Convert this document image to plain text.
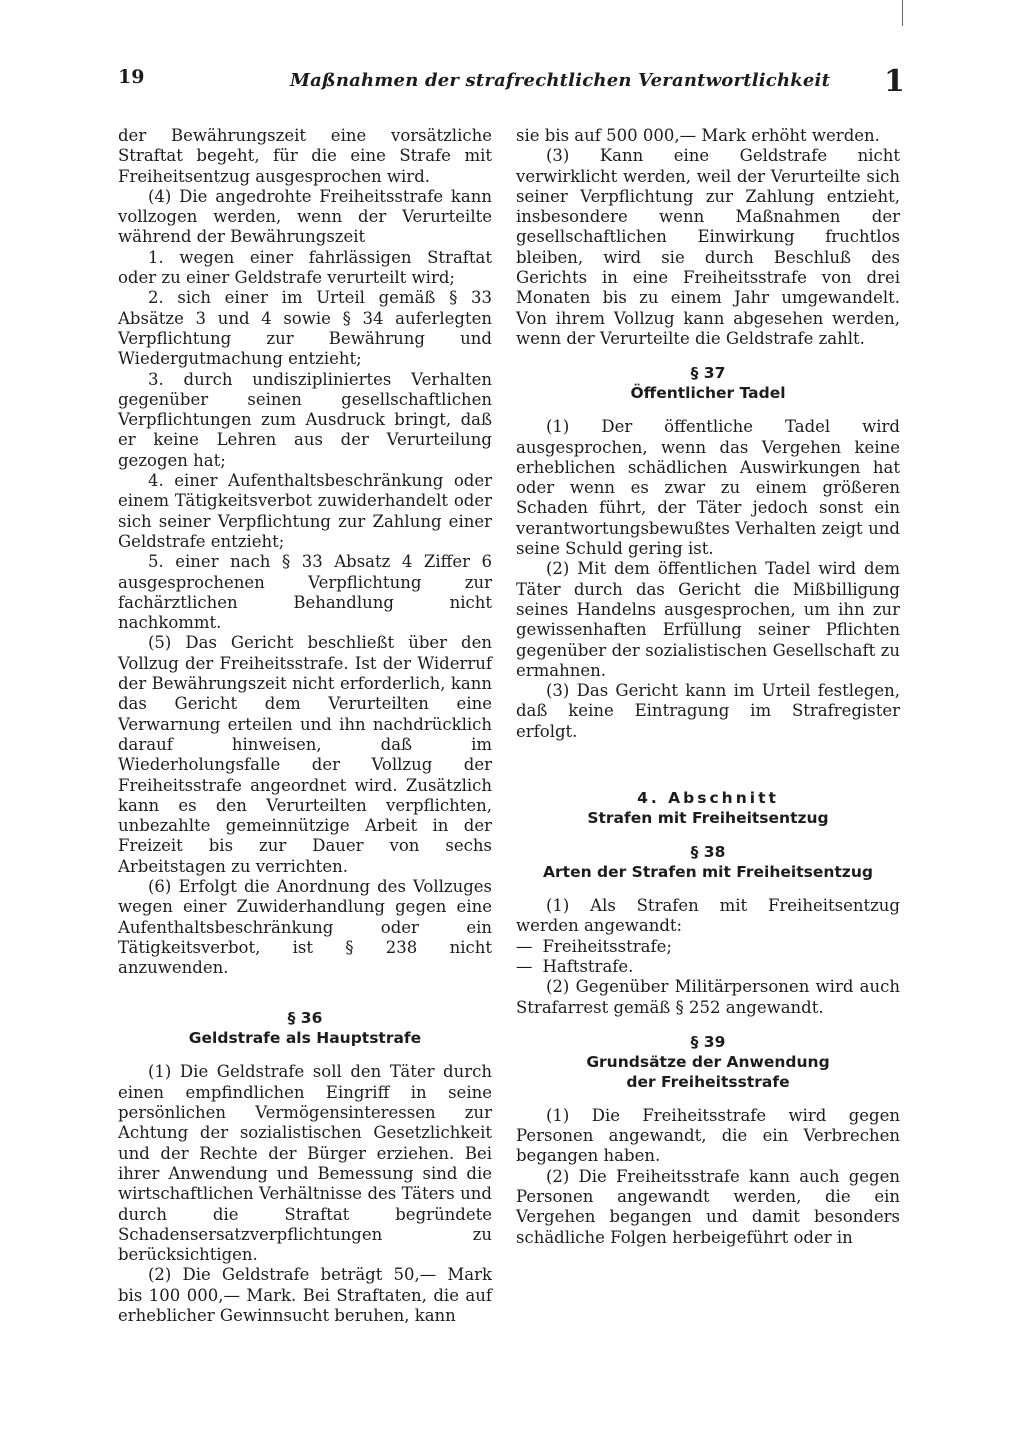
19	Maßnahmen der strafrechtlichen Verantwortlichkeit 1

der Bewährungszeit eine vorsätzliche Straftat begeht, für die eine Strafe mit Freiheitsentzug ausgesprochen wird.

(4) Die angedrohte Freiheitsstrafe kann vollzogen werden, wenn der Verurteilte während der Bewährungszeit

1. wegen einer fahrlässigen Straftat oder zu einer Geldstrafe verurteilt wird;

2. sich einer im Urteil gemäß § 33 Absätze 3 und 4 sowie § 34 auferlegten Verpflichtung zur Bewährung und Wiedergutmachung entzieht;

3. durch undiszipliniertes Verhalten gegenüber seinen gesellschaftlichen Verpflichtungen zum Ausdruck bringt, daß er keine Lehren aus der Verurteilung gezogen hat;

4. einer Aufenthaltsbeschränkung oder einem Tätigkeitsverbot zuwiderhandelt oder sich seiner Verpflichtung zur Zahlung einer Geldstrafe entzieht;

5. einer nach § 33 Absatz 4 Ziffer 6 ausgesprochenen Verpflichtung zur fachärztlichen Behandlung nicht nachkommt.

(5) Das Gericht beschließt über den Vollzug der Freiheitsstrafe. Ist der Widerruf der Bewährungszeit nicht erforderlich, kann das Gericht dem Verurteilten eine Verwarnung erteilen und ihn nachdrücklich darauf hinweisen, daß im Wiederholungsfalle der Vollzug der Freiheitsstrafe angeordnet wird. Zusätzlich kann es den Verurteilten verpflichten, unbezahlte gemeinnützige Arbeit in der Freizeit bis zur Dauer von sechs Arbeitstagen zu verrichten.

(6) Erfolgt die Anordnung des Vollzuges wegen einer Zuwiderhandlung gegen eine Aufenthaltsbeschränkung oder ein Tätigkeitsverbot, ist § 238 nicht anzuwenden.

§ 36
Geldstrafe als Hauptstrafe

(1) Die Geldstrafe soll den Täter durch einen empfindlichen Eingriff in seine persönlichen Vermögensinteressen zur Achtung der sozialistischen Gesetzlichkeit und der Rechte der Bürger erziehen. Bei ihrer Anwendung und Bemessung sind die wirtschaftlichen Verhältnisse des Täters und durch die Straftat begründete Schadensersatzverpflichtungen zu berücksichtigen.

(2) Die Geldstrafe beträgt 50,— Mark bis 100 000,— Mark. Bei Straftaten, die auf erheblicher Gewinnsucht beruhen, kann

sie bis auf 500 000,— Mark erhöht werden.

(3) Kann eine Geldstrafe nicht verwirklicht werden, weil der Verurteilte sich seiner Verpflichtung zur Zahlung entzieht, insbesondere wenn Maßnahmen der gesellschaftlichen Einwirkung fruchtlos bleiben, wird sie durch Beschluß des Gerichts in eine Freiheitsstrafe von drei Monaten bis zu einem Jahr umgewandelt. Von ihrem Vollzug kann abgesehen werden, wenn der Verurteilte die Geldstrafe zahlt.

§ 37
Öffentlicher Tadel

(1) Der öffentliche Tadel wird ausgesprochen, wenn das Vergehen keine erheblichen schädlichen Auswirkungen hat oder wenn es zwar zu einem größeren Schaden führt, der Täter jedoch sonst ein verantwortungsbewußtes Verhalten zeigt und seine Schuld gering ist.

(2) Mit dem öffentlichen Tadel wird dem Täter durch das Gericht die Mißbilligung seines Handelns ausgesprochen, um ihn zur gewissenhaften Erfüllung seiner Pflichten gegenüber der sozialistischen Gesellschaft zu ermahnen.

(3) Das Gericht kann im Urteil festlegen, daß keine Eintragung im Strafregister erfolgt.

4. Abschnitt
Strafen mit Freiheitsentzug
§ 38
Arten der Strafen mit Freiheitsentzug

(1) Als Strafen mit Freiheitsentzug werden angewandt:

— Freiheitsstrafe;

— Haftstrafe.

(2) Gegenüber Militärpersonen wird auch Strafarrest gemäß § 252 angewandt.

§ 39
Grundsätze der Anwendung
der Freiheitsstrafe

(1) Die Freiheitsstrafe wird gegen Personen angewandt, die ein Verbrechen begangen haben.

(2) Die Freiheitsstrafe kann auch gegen Personen angewandt werden, die ein Vergehen begangen und damit besonders schädliche Folgen herbeigeführt oder in
